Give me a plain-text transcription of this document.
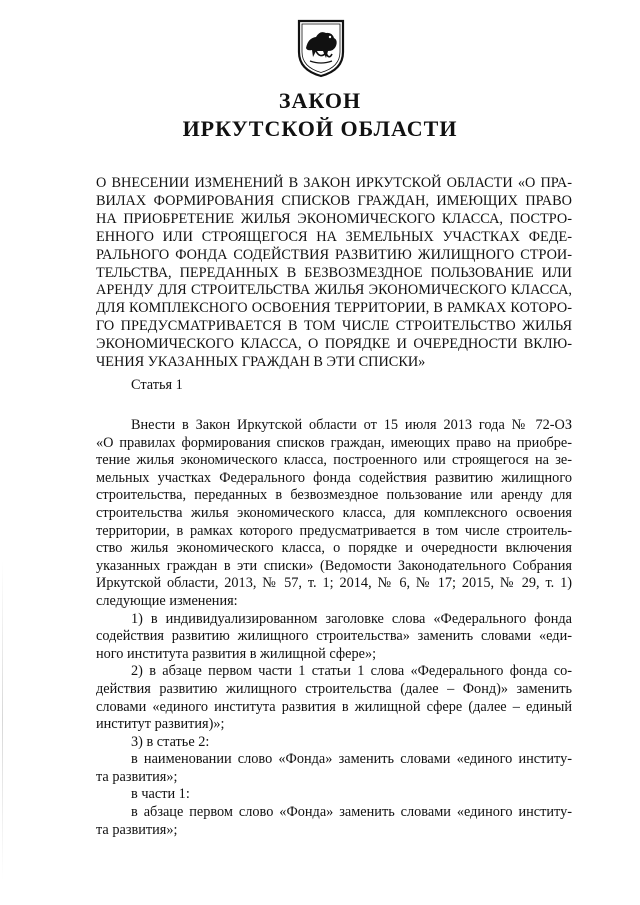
ЗАКОН
ИРКУТСКОЙ ОБЛАСТИ
О ВНЕСЕНИИ ИЗМЕНЕНИЙ В ЗАКОН ИРКУТСКОЙ ОБЛАСТИ «О ПРА-
ВИЛАХ ФОРМИРОВАНИЯ СПИСКОВ ГРАЖДАН, ИМЕЮЩИХ ПРАВО
НА ПРИОБРЕТЕНИЕ ЖИЛЬЯ ЭКОНОМИЧЕСКОГО КЛАССА, ПОСТРО-
ЕННОГО ИЛИ СТРОЯЩЕГОСЯ НА ЗЕМЕЛЬНЫХ УЧАСТКАХ ФЕДЕ-
РАЛЬНОГО ФОНДА СОДЕЙСТВИЯ РАЗВИТИЮ ЖИЛИЩНОГО СТРОИ-
ТЕЛЬСТВА, ПЕРЕДАННЫХ В БЕЗВОЗМЕЗДНОЕ ПОЛЬЗОВАНИЕ ИЛИ
АРЕНДУ ДЛЯ СТРОИТЕЛЬСТВА ЖИЛЬЯ ЭКОНОМИЧЕСКОГО КЛАССА,
ДЛЯ КОМПЛЕКСНОГО ОСВОЕНИЯ ТЕРРИТОРИИ, В РАМКАХ КОТОРО-
ГО ПРЕДУСМАТРИВАЕТСЯ В ТОМ ЧИСЛЕ СТРОИТЕЛЬСТВО ЖИЛЬЯ
ЭКОНОМИЧЕСКОГО КЛАССА, О ПОРЯДКЕ И ОЧЕРЕДНОСТИ ВКЛЮ-
ЧЕНИЯ УКАЗАННЫХ ГРАЖДАН В ЭТИ СПИСКИ»
Статья 1
Внести в Закон Иркутской области от 15 июля 2013 года № 72-ОЗ
«О правилах формирования списков граждан, имеющих право на приобре-
тение жилья экономического класса, построенного или строящегося на зе-
мельных участках Федерального фонда содействия развитию жилищного
строительства, переданных в безвозмездное пользование или аренду для
строительства жилья экономического класса, для комплексного освоения
территории, в рамках которого предусматривается в том числе строитель-
ство жилья экономического класса, о порядке и очередности включения
указанных граждан в эти списки» (Ведомости Законодательного Собрания
Иркутской области, 2013, № 57, т. 1; 2014, № 6, № 17; 2015, № 29, т. 1)
следующие изменения:
1) в индивидуализированном заголовке слова «Федерального фонда
содействия развитию жилищного строительства» заменить словами «еди-
ного института развития в жилищной сфере»;
2) в абзаце первом части 1 статьи 1 слова «Федерального фонда со-
действия развитию жилищного строительства (далее – Фонд)» заменить
словами «единого института развития в жилищной сфере (далее – единый
институт развития)»;
3) в статье 2:
в наименовании слово «Фонда» заменить словами «единого институ-
та развития»;
в части 1:
в абзаце первом слово «Фонда» заменить словами «единого институ-
та развития»;
